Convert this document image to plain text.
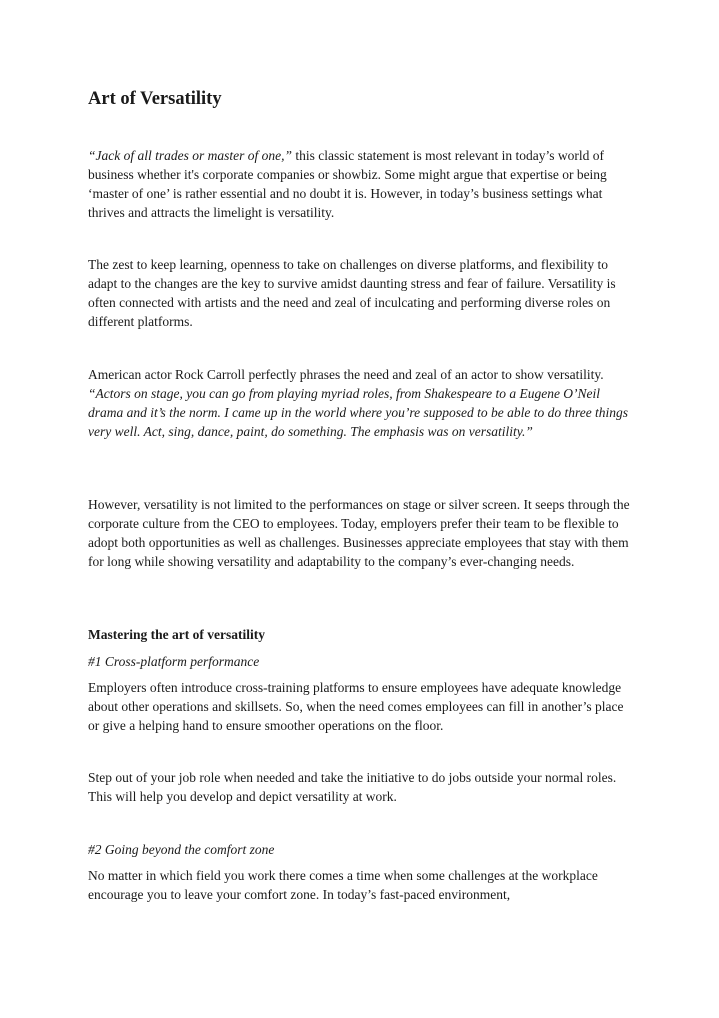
Art of Versatility

“Jack of all trades or master of one,” this classic statement is most relevant in today’s world of business whether it's corporate companies or showbiz. Some might argue that expertise or being ‘master of one’ is rather essential and no doubt it is. However, in today’s business settings what thrives and attracts the limelight is versatility.

The zest to keep learning, openness to take on challenges on diverse platforms, and flexibility to adapt to the changes are the key to survive amidst daunting stress and fear of failure. Versatility is often connected with artists and the need and zeal of inculcating and performing diverse roles on different platforms.

American actor Rock Carroll perfectly phrases the need and zeal of an actor to show versatility. “Actors on stage, you can go from playing myriad roles, from Shakespeare to a Eugene O’Neil drama and it’s the norm. I came up in the world where you’re supposed to be able to do three things very well. Act, sing, dance, paint, do something. The emphasis was on versatility.”

However, versatility is not limited to the performances on stage or silver screen. It seeps through the corporate culture from the CEO to employees. Today, employers prefer their team to be flexible to adopt both opportunities as well as challenges. Businesses appreciate employees that stay with them for long while showing versatility and adaptability to the company’s ever-changing needs.

Mastering the art of versatility

#1 Cross-platform performance

Employers often introduce cross-training platforms to ensure employees have adequate knowledge about other operations and skillsets. So, when the need comes employees can fill in another’s place or give a helping hand to ensure smoother operations on the floor.

Step out of your job role when needed and take the initiative to do jobs outside your normal roles. This will help you develop and depict versatility at work.

#2 Going beyond the comfort zone

No matter in which field you work there comes a time when some challenges at the workplace encourage you to leave your comfort zone. In today’s fast-paced environment,
